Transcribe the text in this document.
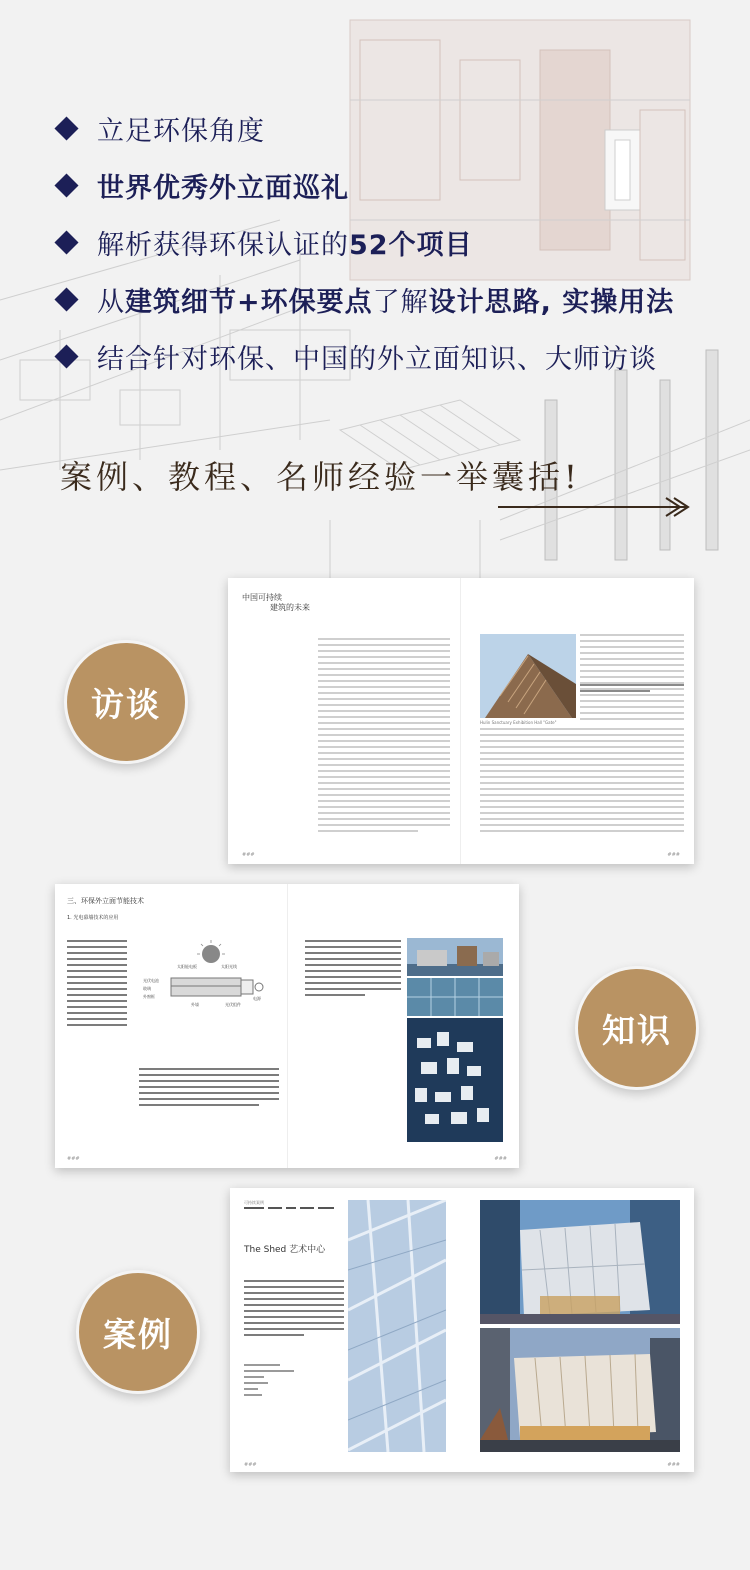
立足环保角度
世界优秀外立面巡礼
解析获得环保认证的52个项目
从建筑细节+环保要点了解设计思路, 实操用法
结合针对环保、中国的外立面知识、大师访谈
案例、教程、名师经验一举囊括!
中国可持续
建筑的未来
Hulin Sanctuary Exhibition Hall "Gate"
###	###
访谈
三、环保外立面节能技术
1. 光电幕墙技术的应用
太阳能电板	太阳光线
光伏电池
玻璃
外窗框
外墙
电源
光伏组件
###	###
知识
可持续案例
The Shed 艺术中心
###	###
案例
